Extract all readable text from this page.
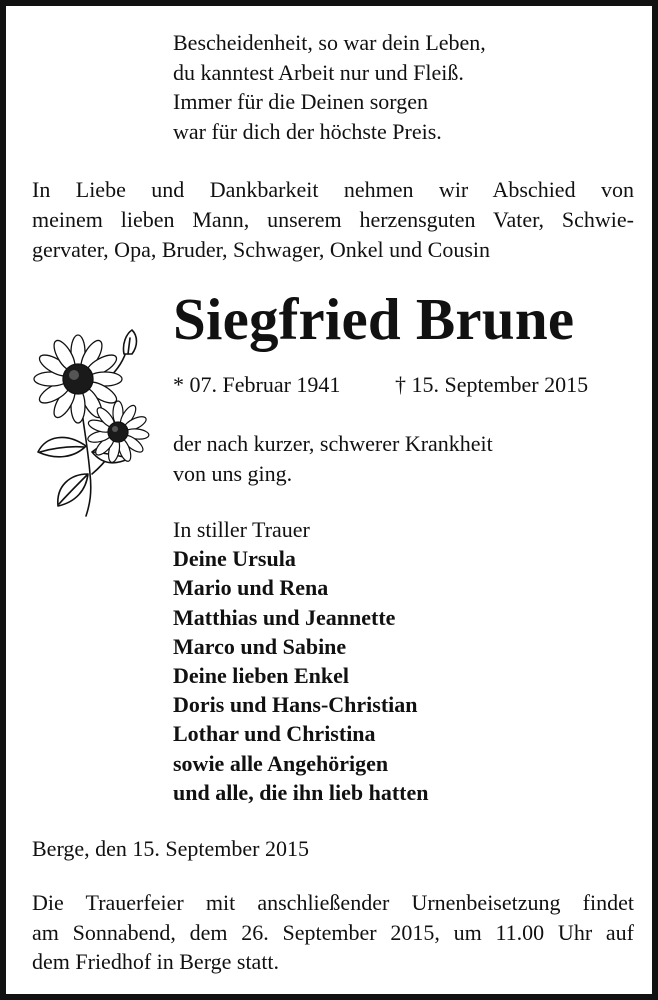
Bescheidenheit, so war dein Leben,
du kanntest Arbeit nur und Fleiß.
Immer für die Deinen sorgen
war für dich der höchste Preis.
In Liebe und Dankbarkeit nehmen wir Abschied von
meinem lieben Mann, unserem herzensguten Vater, Schwie-
gervater, Opa, Bruder, Schwager, Onkel und Cousin
Siegfried Brune
* 07. Februar 1941 † 15. September 2015
der nach kurzer, schwerer Krankheit
von uns ging.
In stiller Trauer
Deine Ursula
Mario und Rena
Matthias und Jeannette
Marco und Sabine
Deine lieben Enkel
Doris und Hans-Christian
Lothar und Christina
sowie alle Angehörigen
und alle, die ihn lieb hatten
Berge, den 15. September 2015
Die Trauerfeier mit anschließender Urnenbeisetzung findet
am Sonnabend, dem 26. September 2015, um 11.00 Uhr auf
dem Friedhof in Berge statt.
